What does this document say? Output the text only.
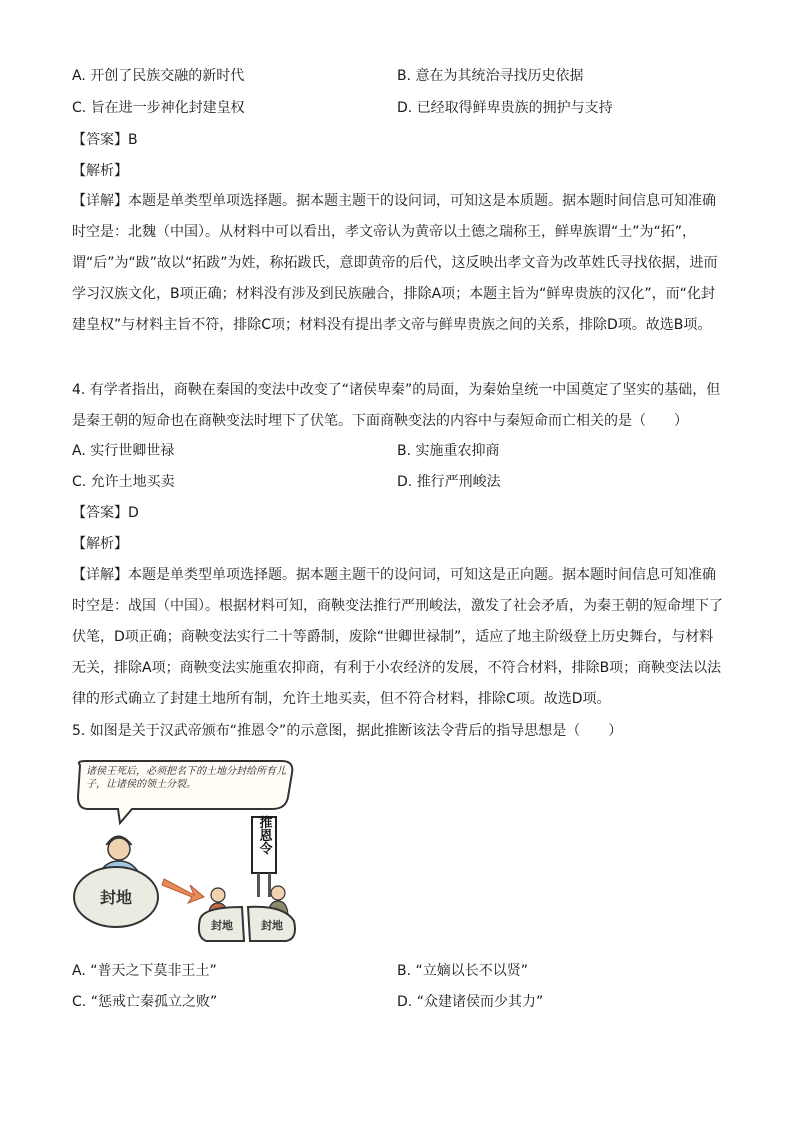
A. 开创了民族交融的新时代	B. 意在为其统治寻找历史依据
C. 旨在进一步神化封建皇权	D. 已经取得鲜卑贵族的拥护与支持
【答案】B
【解析】
【详解】本题是单类型单项选择题。据本题主题干的设问词，可知这是本质题。据本题时间信息可知准确时空是：北魏（中国）。从材料中可以看出，孝文帝认为黄帝以土德之瑞称王，鲜卑族谓“土”为“拓”，谓“后”为“跋”故以“拓跋”为姓，称拓跋氏，意即黄帝的后代，这反映出孝文音为改革姓氏寻找依据，进而学习汉族文化，B项正确；材料没有涉及到民族融合，排除A项；本题主旨为“鲜卑贵族的汉化”，而“化封建皇权”与材料主旨不符，排除C项；材料没有提出孝文帝与鲜卑贵族之间的关系，排除D项。故选B项。
4. 有学者指出，商鞅在秦国的变法中改变了“诸侯卑秦”的局面，为秦始皇统一中国奠定了坚实的基础，但是秦王朝的短命也在商鞅变法时埋下了伏笔。下面商鞅变法的内容中与秦短命而亡相关的是（　　）
A. 实行世卿世禄	B. 实施重农抑商
C. 允许土地买卖	D. 推行严刑峻法
【答案】D
【解析】
【详解】本题是单类型单项选择题。据本题主题干的设问词，可知这是正向题。据本题时间信息可知准确时空是：战国（中国）。根据材料可知，商鞅变法推行严刑峻法，激发了社会矛盾，为秦王朝的短命埋下了伏笔，D项正确；商鞅变法实行二十等爵制，废除“世卿世禄制”，适应了地主阶级登上历史舞台，与材料无关，排除A项；商鞅变法实施重农抑商，有利于小农经济的发展，不符合材料，排除B项；商鞅变法以法律的形式确立了封建土地所有制，允许土地买卖，但不符合材料，排除C项。故选D项。
5. 如图是关于汉武帝颁布“推恩令”的示意图，据此推断该法令背后的指导思想是（　　）
诸侯王死后，必须把名下的土地分封给所有儿子，让诸侯的领土分裂。
封地
推恩令
封地	封地
A. “普天之下莫非王土”	B. “立嫡以长不以贤”
C. “惩戒亡秦孤立之败”	D. “众建诸侯而少其力”
